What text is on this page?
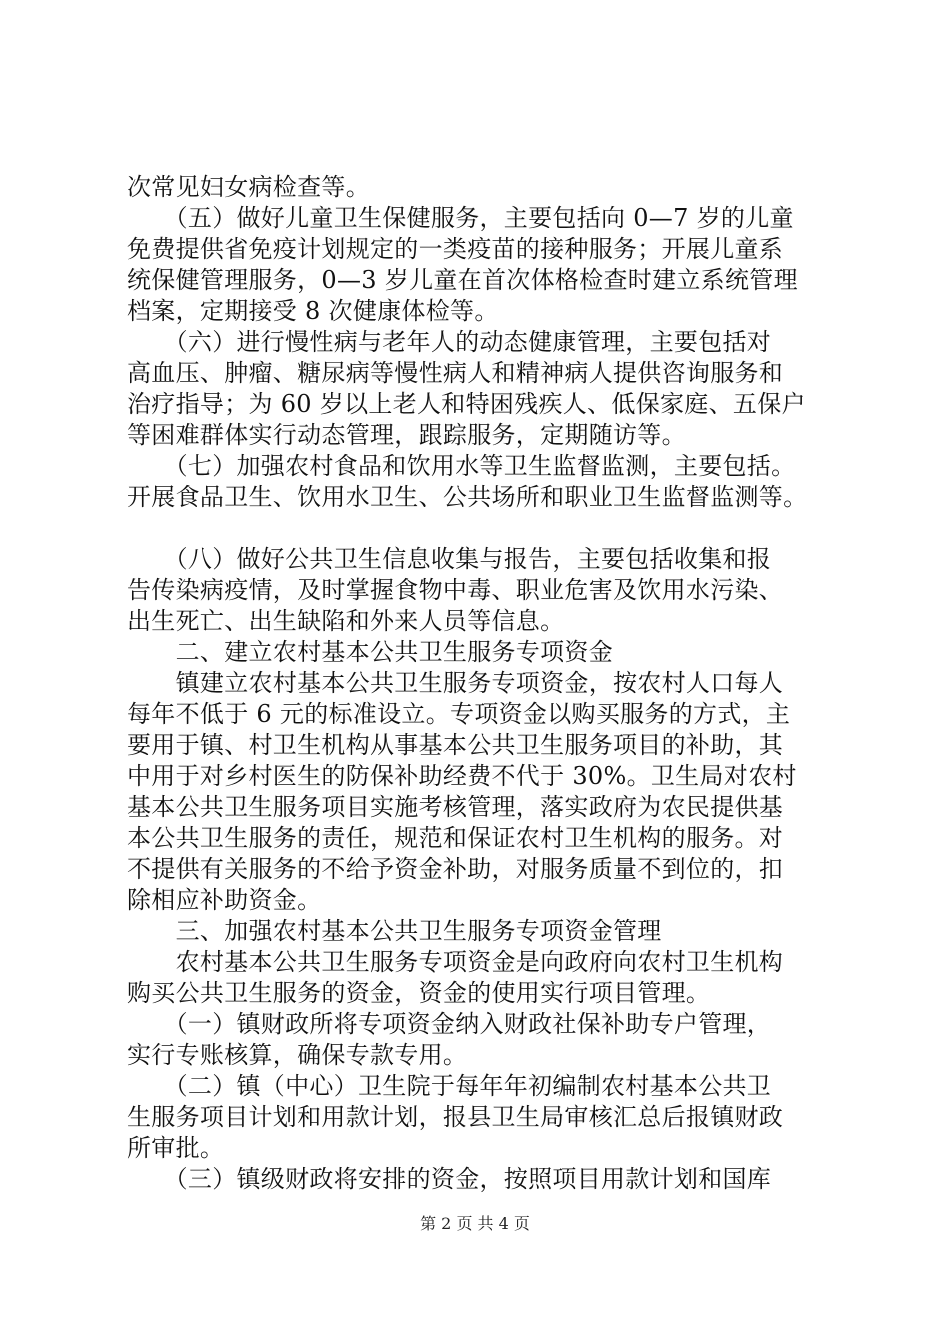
次常见妇女病检查等。
　　（五）做好儿童卫生保健服务，主要包括向 0—7 岁的儿童
免费提供省免疫计划规定的一类疫苗的接种服务；开展儿童系
统保健管理服务，0—3 岁儿童在首次体格检查时建立系统管理
档案，定期接受 8 次健康体检等。
　　（六）进行慢性病与老年人的动态健康管理，主要包括对
高血压、肿瘤、糖尿病等慢性病人和精神病人提供咨询服务和
治疗指导；为 60 岁以上老人和特困残疾人、低保家庭、五保户
等困难群体实行动态管理，跟踪服务，定期随访等。
　　（七）加强农村食品和饮用水等卫生监督监测，主要包括。
开展食品卫生、饮用水卫生、公共场所和职业卫生监督监测等。
　　（八）做好公共卫生信息收集与报告，主要包括收集和报
告传染病疫情，及时掌握食物中毒、职业危害及饮用水污染、
出生死亡、出生缺陷和外来人员等信息。
　　二、建立农村基本公共卫生服务专项资金
　　镇建立农村基本公共卫生服务专项资金，按农村人口每人
每年不低于 6 元的标准设立。专项资金以购买服务的方式，主
要用于镇、村卫生机构从事基本公共卫生服务项目的补助，其
中用于对乡村医生的防保补助经费不代于 30%。卫生局对农村
基本公共卫生服务项目实施考核管理，落实政府为农民提供基
本公共卫生服务的责任，规范和保证农村卫生机构的服务。对
不提供有关服务的不给予资金补助，对服务质量不到位的，扣
除相应补助资金。
　　三、加强农村基本公共卫生服务专项资金管理
　　农村基本公共卫生服务专项资金是向政府向农村卫生机构
购买公共卫生服务的资金，资金的使用实行项目管理。
　　（一）镇财政所将专项资金纳入财政社保补助专户管理，
实行专账核算，确保专款专用。
　　（二）镇（中心）卫生院于每年年初编制农村基本公共卫
生服务项目计划和用款计划，报县卫生局审核汇总后报镇财政
所审批。
　　（三）镇级财政将安排的资金，按照项目用款计划和国库
第 2 页 共 4 页
